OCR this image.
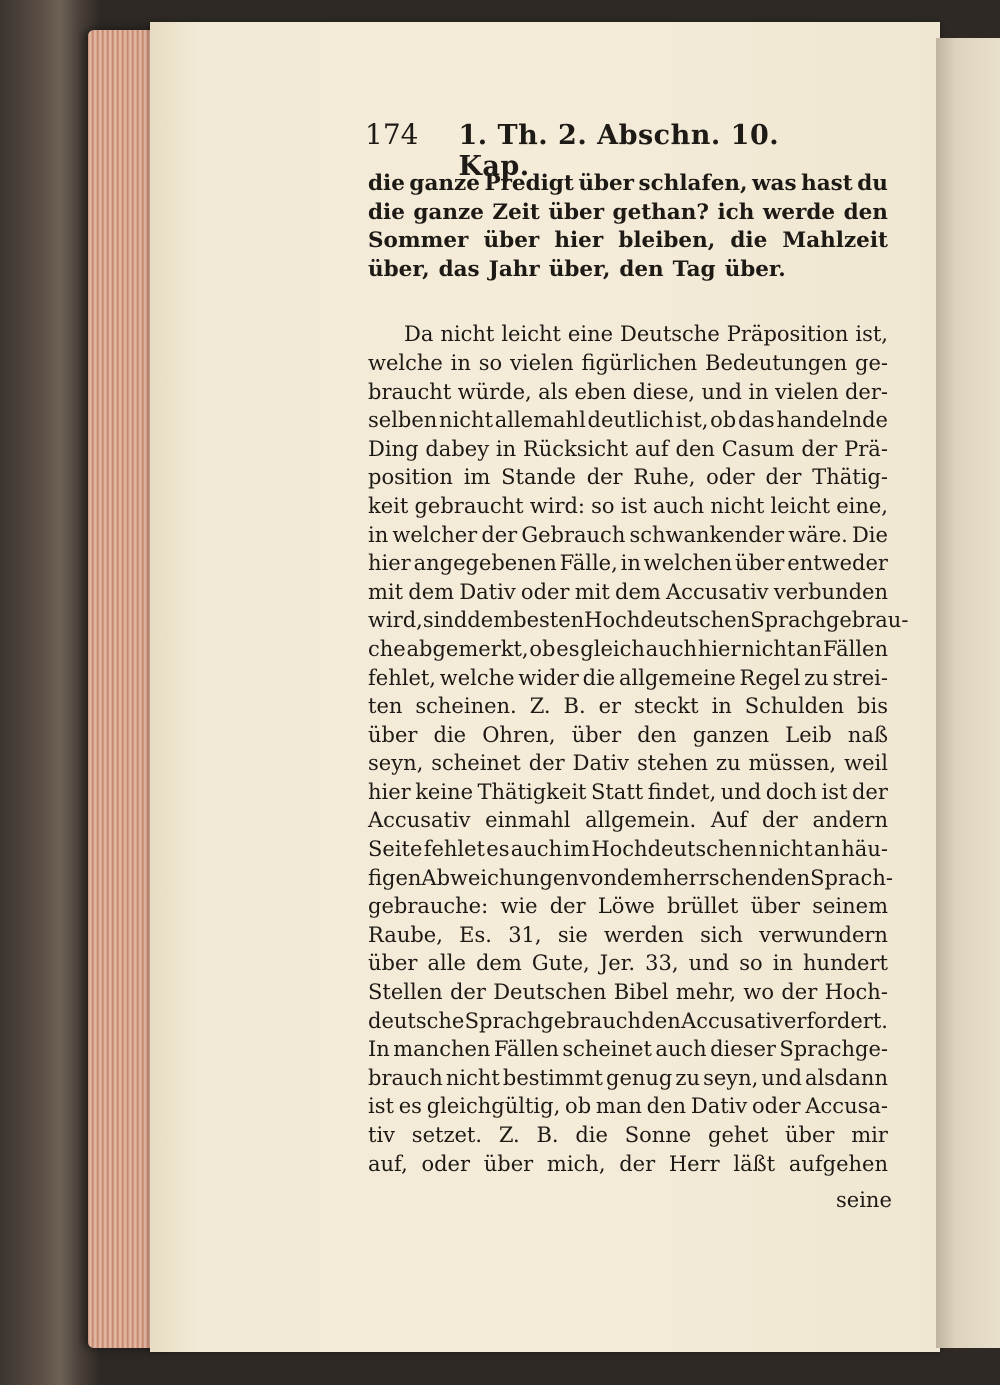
174 1. Th. 2. Abschn. 10. Kap.
die ganze Predigt über schlafen, was hast du
die ganze Zeit über gethan? ich werde den
Sommer über hier bleiben, die Mahlzeit
über, das Jahr über, den Tag über.
Da nicht leicht eine Deutsche Präposition ist,
welche in so vielen figürlichen Bedeutungen ge-
braucht würde, als eben diese, und in vielen der-
selben nicht allemahl deutlich ist, ob das handelnde
Ding dabey in Rücksicht auf den Casum der Prä-
position im Stande der Ruhe, oder der Thätig-
keit gebraucht wird: so ist auch nicht leicht eine,
in welcher der Gebrauch schwankender wäre. Die
hier angegebenen Fälle, in welchen über entweder
mit dem Dativ oder mit dem Accusativ verbunden
wird, sind dem besten Hochdeutschen Sprachgebrau-
che abgemerkt, ob es gleich auch hier nicht an Fällen
fehlet, welche wider die allgemeine Regel zu strei-
ten scheinen. Z. B. er steckt in Schulden bis
über die Ohren, über den ganzen Leib naß
seyn, scheinet der Dativ stehen zu müssen, weil
hier keine Thätigkeit Statt findet, und doch ist der
Accusativ einmahl allgemein. Auf der andern
Seite fehlet es auch im Hochdeutschen nicht an häu-
figen Abweichungen von dem herrschenden Sprach-
gebrauche: wie der Löwe brüllet über seinem
Raube, Es. 31, sie werden sich verwundern
über alle dem Gute, Jer. 33, und so in hundert
Stellen der Deutschen Bibel mehr, wo der Hoch-
deutsche Sprachgebrauch den Accusativ erfordert.
In manchen Fällen scheinet auch dieser Sprachge-
brauch nicht bestimmt genug zu seyn, und alsdann
ist es gleichgültig, ob man den Dativ oder Accusa-
tiv setzet. Z. B. die Sonne gehet über mir
auf, oder über mich, der Herr läßt aufgehen
seine
